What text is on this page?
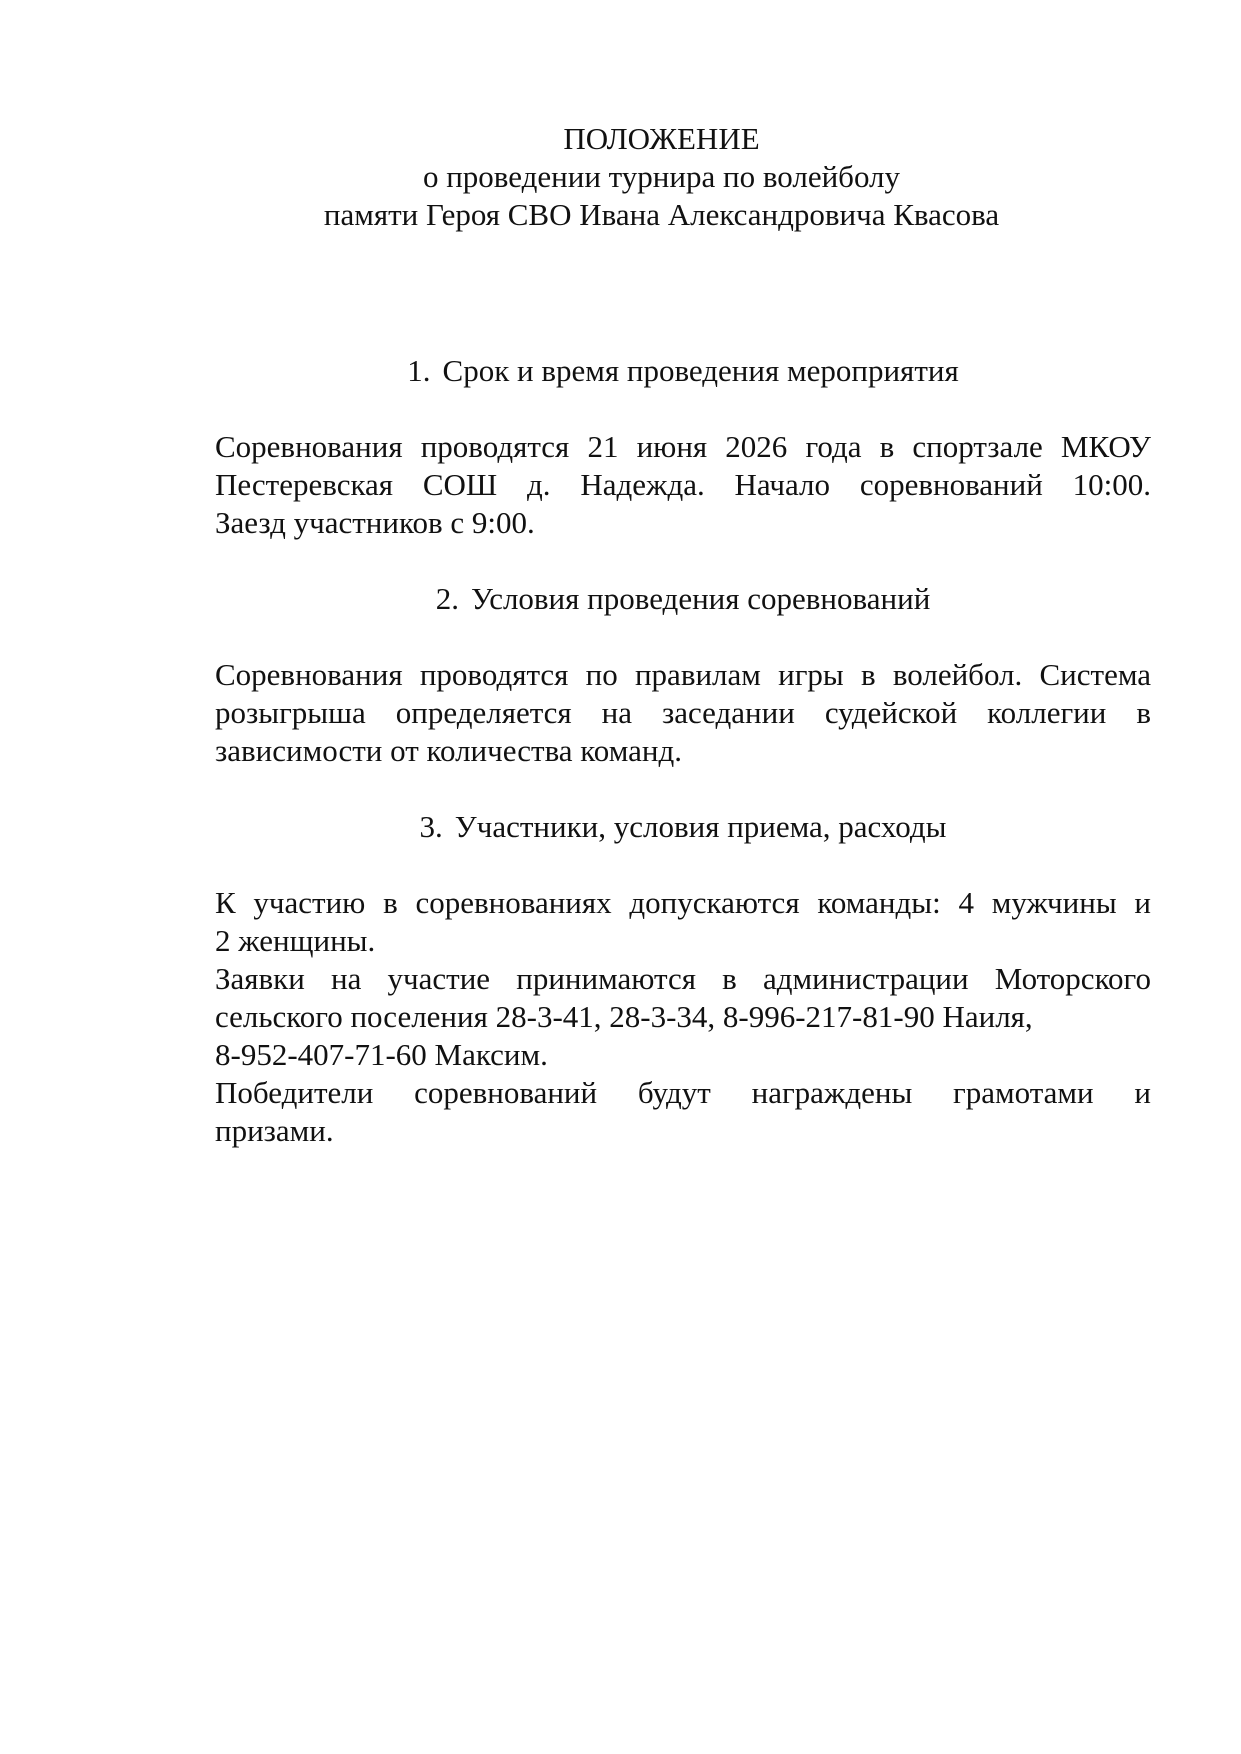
ПОЛОЖЕНИЕ
о проведении турнира по волейболу
памяти Героя СВО Ивана Александровича Квасова
1. Срок и время проведения мероприятия
Соревнования проводятся 21 июня 2026 года в спортзале МКОУ
Пестеревская СОШ д. Надежда. Начало соревнований 10:00.
Заезд участников с 9:00.
2. Условия проведения соревнований
Соревнования проводятся по правилам игры в волейбол. Система
розыгрыша определяется на заседании судейской коллегии в
зависимости от количества команд.
3. Участники, условия приема, расходы
К участию в соревнованиях допускаются команды: 4 мужчины и
2 женщины.
Заявки на участие принимаются в администрации Моторского
сельского поселения 28-3-41, 28-3-34, 8-996-217-81-90 Наиля,
8-952-407-71-60 Максим.
Победители соревнований будут награждены грамотами и
призами.
